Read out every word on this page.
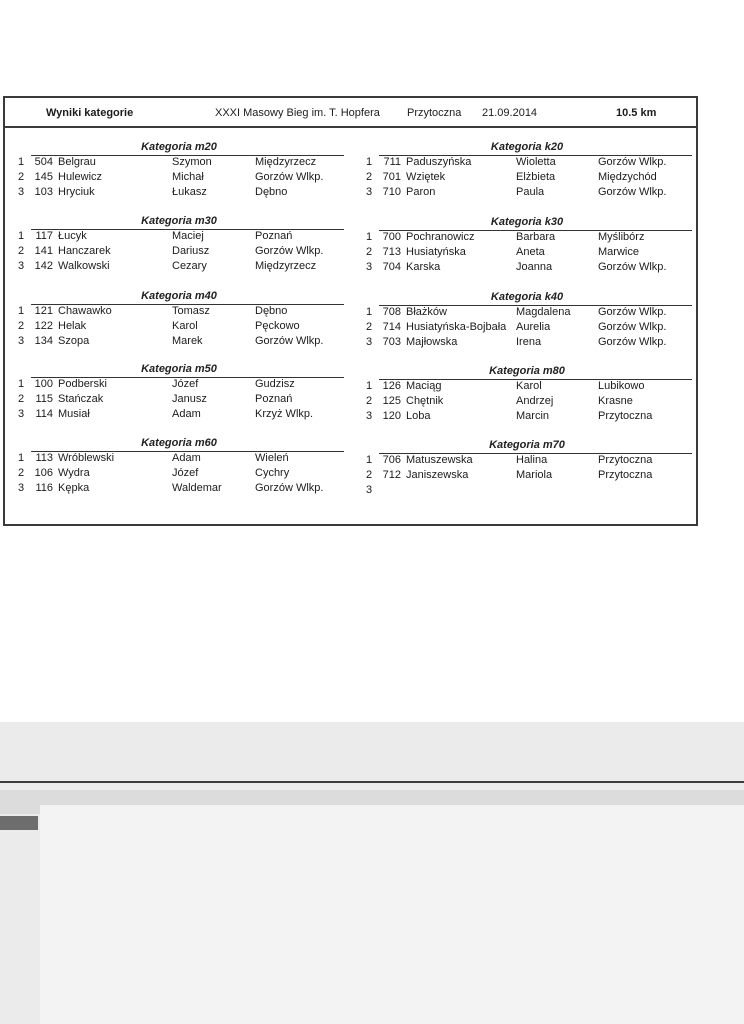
Wyniki kategorie	XXXI Masowy Bieg im. T. Hopfera Przytoczna 21.09.2014	10.5 km
Kategoria m20
1 504 Belgrau	Szymon	Międzyrzecz
2 145 Hulewicz	Michał	Gorzów Wlkp.
3 103 Hryciuk	Łukasz	Dębno
Kategoria k20
1	711 Paduszyńska	Wioletta	Gorzów Wlkp.
2 701 Wziętek	Elżbieta	Międzychód
3 710 Paron	Paula	Gorzów Wlkp.
Kategoria m30
1	117 Łucyk	Maciej	Poznań
2 141 Hanczarek	Dariusz	Gorzów Wlkp.
3 142 Walkowski	Cezary	Międzyrzecz
Kategoria k30
1 700 Pochranowicz	Barbara	Myślibórz
2 713 Husiatyńska	Aneta	Marwice
3 704 Karska	Joanna	Gorzów Wlkp.
Kategoria m40
1 121 Chawawko	Tomasz	Dębno
2 122 Helak	Karol	Pęckowo
3 134 Szopa	Marek	Gorzów Wlkp.
Kategoria k40
1 708 Błażków	Magdalena	Gorzów Wlkp.
2 714 Husiatyńska-Bojbała Aurelia	Gorzów Wlkp.
3 703 Majłowska	Irena	Gorzów Wlkp.
Kategoria m50
1 100 Podberski	Józef	Gudzisz
2	115 Stańczak	Janusz	Poznań
3	114 Musiał	Adam	Krzyż Wlkp.
Kategoria m80
1 126 Maciąg	Karol	Lubikowo
2 125 Chętnik	Andrzej	Krasne
3 120 Loba	Marcin	Przytoczna
Kategoria m60
1	113 Wróblewski	Adam	Wieleń
2 106 Wydra	Józef	Cychry
3	116 Kępka	Waldemar	Gorzów Wlkp.
Kategoria m70
1 706 Matuszewska	Halina	Przytoczna
2 712 Janiszewska	Mariola	Przytoczna
3
